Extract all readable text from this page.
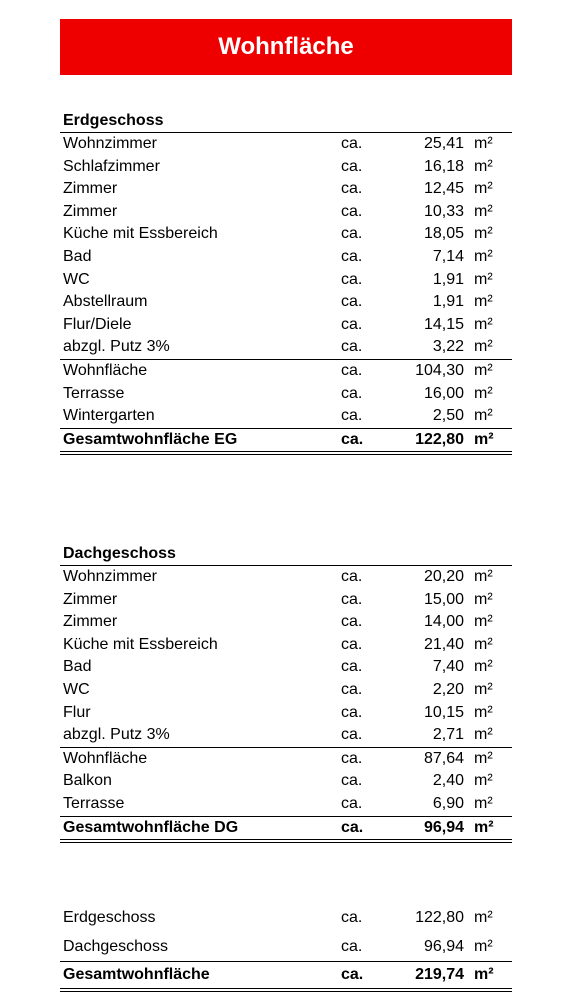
Wohnfläche
Erdgeschoss
Wohnzimmer	ca.	25,41 m²
Schlafzimmer	ca.	16,18 m²
Zimmer	ca.	12,45 m²
Zimmer	ca.	10,33 m²
Küche mit Essbereich	ca.	18,05 m²
Bad	ca.	7,14 m²
WC	ca.	1,91 m²
Abstellraum	ca.	1,91 m²
Flur/Diele	ca.	14,15 m²
abzgl. Putz 3%	ca.	3,22 m²
Wohnfläche	ca.	104,30 m²
Terrasse	ca.	16,00 m²
Wintergarten	ca.	2,50 m²
Gesamtwohnfläche EG	ca.	122,80 m²
Dachgeschoss
Wohnzimmer	ca.	20,20 m²
Zimmer	ca.	15,00 m²
Zimmer	ca.	14,00 m²
Küche mit Essbereich	ca.	21,40 m²
Bad	ca.	7,40 m²
WC	ca.	2,20 m²
Flur	ca.	10,15 m²
abzgl. Putz 3%	ca.	2,71 m²
Wohnfläche	ca.	87,64 m²
Balkon	ca.	2,40 m²
Terrasse	ca.	6,90 m²
Gesamtwohnfläche DG	ca.	96,94 m²
Erdgeschoss	ca.	122,80 m²
Dachgeschoss	ca.	96,94 m²
Gesamtwohnfläche	ca.	219,74 m²
